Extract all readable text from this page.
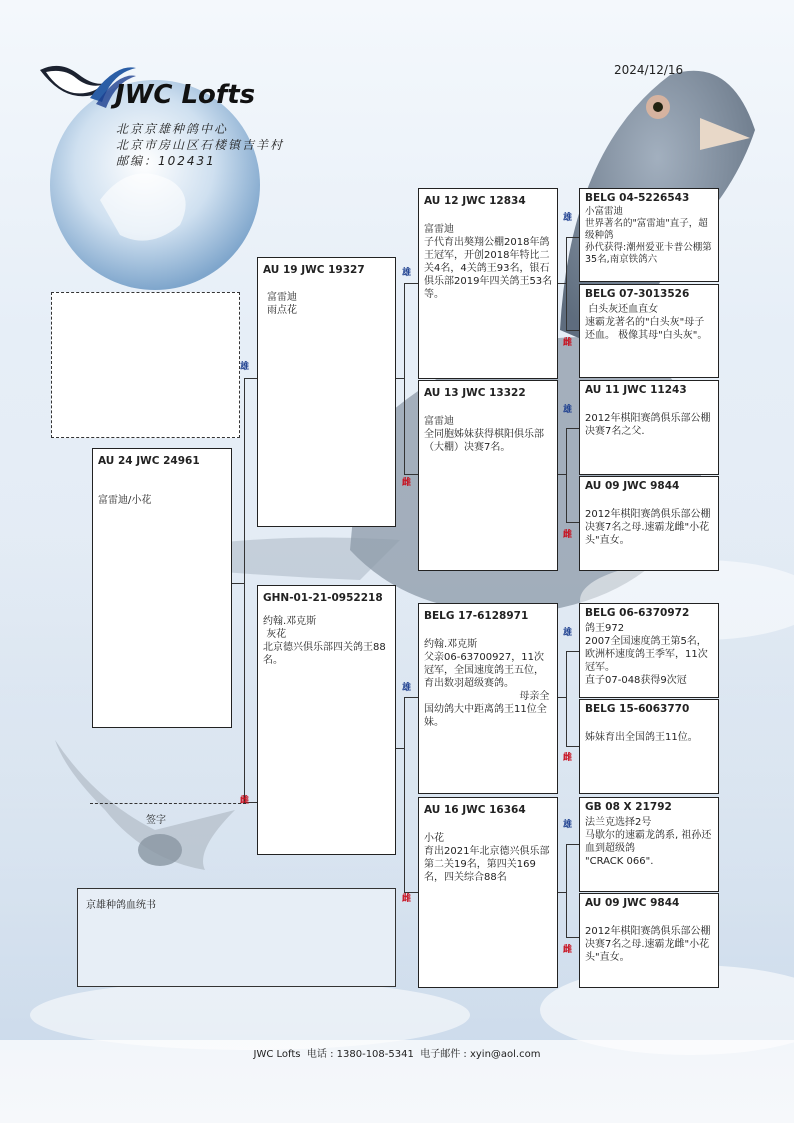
JWC Lofts
北京京雄种鸽中心
北京市房山区石楼镇吉羊村
邮编：102431
2024/12/16
雄
雌
雄
雌
雄
雌
雄
雌
雄
雌
雄
雌
雄
雌
AU 24 JWC 24961
富雷迪/小花
AU 19 JWC 19327
富雷迪
雨点花
GHN-01-21-0952218
约翰.邓克斯
灰花
北京德兴俱乐部四关鸽王88名。
AU 12 JWC 12834

富雷迪
子代育出獒翔公棚2018年鸽王冠军，开创2018年特比二关4名，4关鸽王93名，银石俱乐部2019年四关鸽王53名等。
AU 13 JWC 13322

富雷迪
全同胞姊妹获得棋阳俱乐部（大棚）决赛7名。
BELG 17-6128971

约翰.邓克斯
父亲06-63700927，11次冠军，全国速度鸽王五位，育出数羽超级赛鸽。
母亲全国幼鸽大中距离鸽王11位全妹。
AU 16 JWC 16364

小花
育出2021年北京德兴俱乐部第二关19名，第四关169名，四关综合88名
BELG 04-5226543
小富雷迪
世界著名的"富雷迪"直子，超级种鸽
孙代获得:潮州爱亚卡普公棚第35名,南京铁鸽六
BELG 07-3013526
白头灰还血直女
速霸龙著名的"白头灰"母子还血。 极像其母"白头灰"。
AU 11 JWC 11243

2012年棋阳赛鸽俱乐部公棚决赛7名之父.
AU 09 JWC 9844

2012年棋阳赛鸽俱乐部公棚决赛7名之母.速霸龙雌"小花头"直女。
BELG 06-6370972
鸽王972
2007全国速度鸽王第5名，欧洲杯速度鸽王季军，11次冠军。
直子07-048获得9次冠
BELG 15-6063770

姊妹育出全国鸽王11位。
GB 08 X 21792
法兰克选择2号
马歇尔的速霸龙鸽系, 祖孙还血到超级鸽
"CRACK 066".
AU 09 JWC 9844

2012年棋阳赛鸽俱乐部公棚决赛7名之母.速霸龙雌"小花头"直女。
签字
京雄种鸽血统书
JWC Lofts 电话 : 1380-108-5341 电子邮件 : xyin@aol.com
